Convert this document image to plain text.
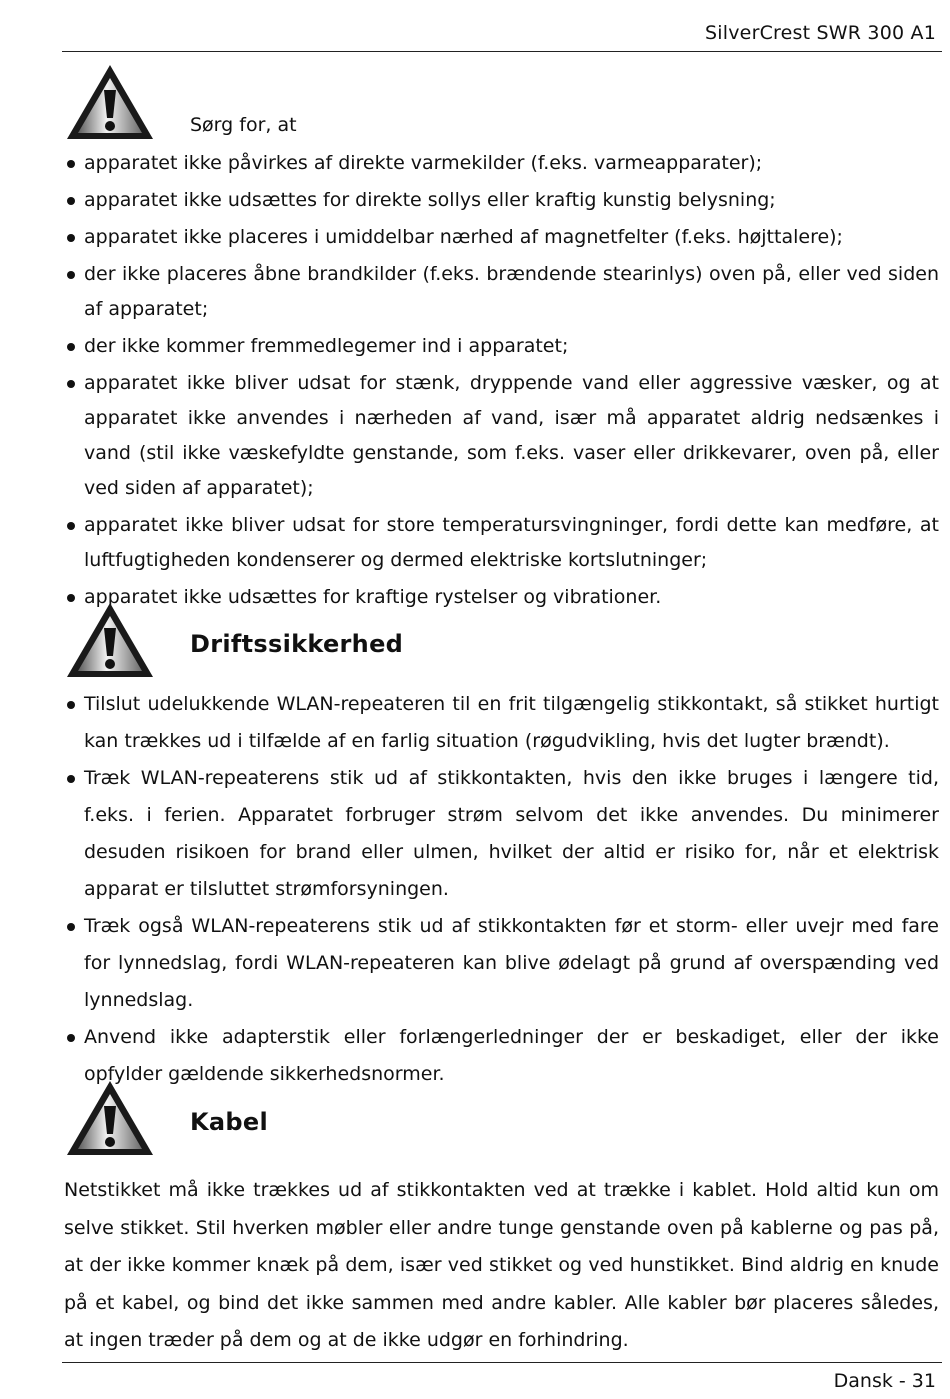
SilverCrest SWR 300 A1
Sørg for, at
apparatet ikke påvirkes af direkte varmekilder (f.eks. varmeapparater);
apparatet ikke udsættes for direkte sollys eller kraftig kunstig belysning;
apparatet ikke placeres i umiddelbar nærhed af magnetfelter (f.eks. højttalere);
der ikke placeres åbne brandkilder (f.eks. brændende stearinlys) oven på, eller ved siden af apparatet;
der ikke kommer fremmedlegemer ind i apparatet;
apparatet ikke bliver udsat for stænk, dryppende vand eller aggressive væsker, og at apparatet ikke anvendes i nærheden af vand, især må apparatet aldrig nedsænkes i vand (stil ikke væskefyldte genstande, som f.eks. vaser eller drikkevarer, oven på, eller ved siden af apparatet);
apparatet ikke bliver udsat for store temperatursvingninger, fordi dette kan medføre, at luftfugtigheden kondenserer og dermed elektriske kortslutninger;
apparatet ikke udsættes for kraftige rystelser og vibrationer.
Driftssikkerhed
Tilslut udelukkende WLAN-repeateren til en frit tilgængelig stikkontakt, så stikket hurtigt kan trækkes ud i tilfælde af en farlig situation (røgudvikling, hvis det lugter brændt).
Træk WLAN-repeaterens stik ud af stikkontakten, hvis den ikke bruges i længere tid, f.eks. i ferien. Apparatet forbruger strøm selvom det ikke anvendes. Du minimerer desuden risikoen for brand eller ulmen, hvilket der altid er risiko for, når et elektrisk apparat er tilsluttet strømforsyningen.
Træk også WLAN-repeaterens stik ud af stikkontakten før et storm- eller uvejr med fare for lynnedslag, fordi WLAN-repeateren kan blive ødelagt på grund af overspænding ved lynnedslag.
Anvend ikke adapterstik eller forlængerledninger der er beskadiget, eller der ikke opfylder gældende sikkerhedsnormer.
Kabel
Netstikket må ikke trækkes ud af stikkontakten ved at trække i kablet. Hold altid kun om selve stikket. Stil hverken møbler eller andre tunge genstande oven på kablerne og pas på, at der ikke kommer knæk på dem, især ved stikket og ved hunstikket. Bind aldrig en knude på et kabel, og bind det ikke sammen med andre kabler. Alle kabler bør placeres således, at ingen træder på dem og at de ikke udgør en forhindring.
Dansk - 31
